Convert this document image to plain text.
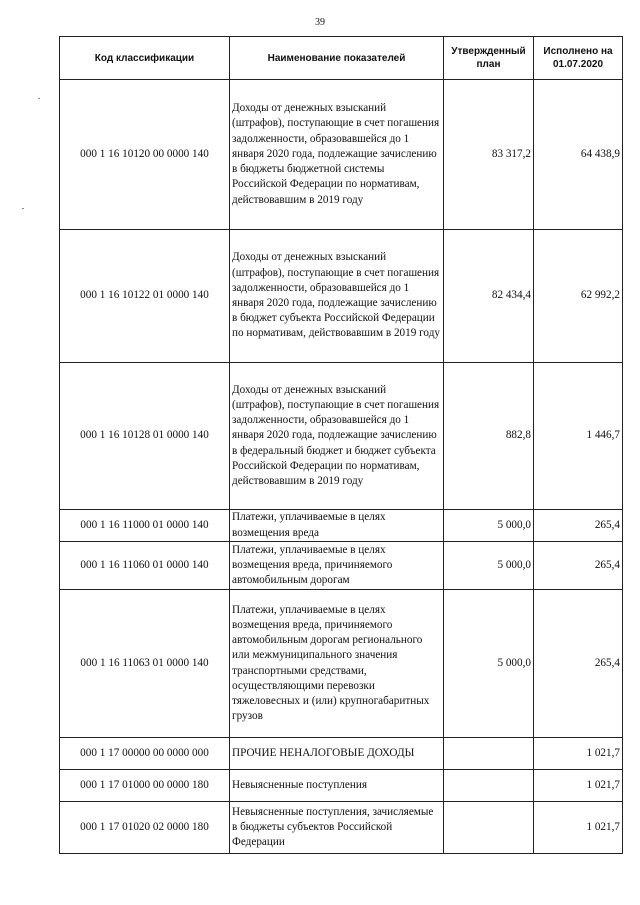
39
Код классификации	Наименование показателей	Утвержденный план	Исполнено на 01.07.2020
000 1 16 10120 00 0000 140	Доходы от денежных взысканий (штрафов), поступающие в счет погашения задолженности, образовавшейся до 1 января 2020 года, подлежащие зачислению в бюджеты бюджетной системы Российской Федерации по нормативам, действовавшим в 2019 году	83 317,2	64 438,9
000 1 16 10122 01 0000 140	Доходы от денежных взысканий (штрафов), поступающие в счет погашения задолженности, образовавшейся до 1 января 2020 года, подлежащие зачислению в бюджет субъекта Российской Федерации по нормативам, действовавшим в 2019 году	82 434,4	62 992,2
000 1 16 10128 01 0000 140	Доходы от денежных взысканий (штрафов), поступающие в счет погашения задолженности, образовавшейся до 1 января 2020 года, подлежащие зачислению в федеральный бюджет и бюджет субъекта Российской Федерации по нормативам, действовавшим в 2019 году	882,8	1 446,7
000 1 16 11000 01 0000 140	Платежи, уплачиваемые в целях возмещения вреда	5 000,0	265,4
000 1 16 11060 01 0000 140	Платежи, уплачиваемые в целях возмещения вреда, причиняемого автомобильным дорогам	5 000,0	265,4
000 1 16 11063 01 0000 140	Платежи, уплачиваемые в целях возмещения вреда, причиняемого автомобильным дорогам регионального или межмуниципального значения транспортными средствами, осуществляющими перевозки тяжеловесных и (или) крупногабаритных грузов	5 000,0	265,4
000 1 17 00000 00 0000 000	ПРОЧИЕ НЕНАЛОГОВЫЕ ДОХОДЫ		1 021,7
000 1 17 01000 00 0000 180	Невыясненные поступления		1 021,7
000 1 17 01020 02 0000 180	Невыясненные поступления, зачисляемые в бюджеты субъектов Российской Федерации		1 021,7
